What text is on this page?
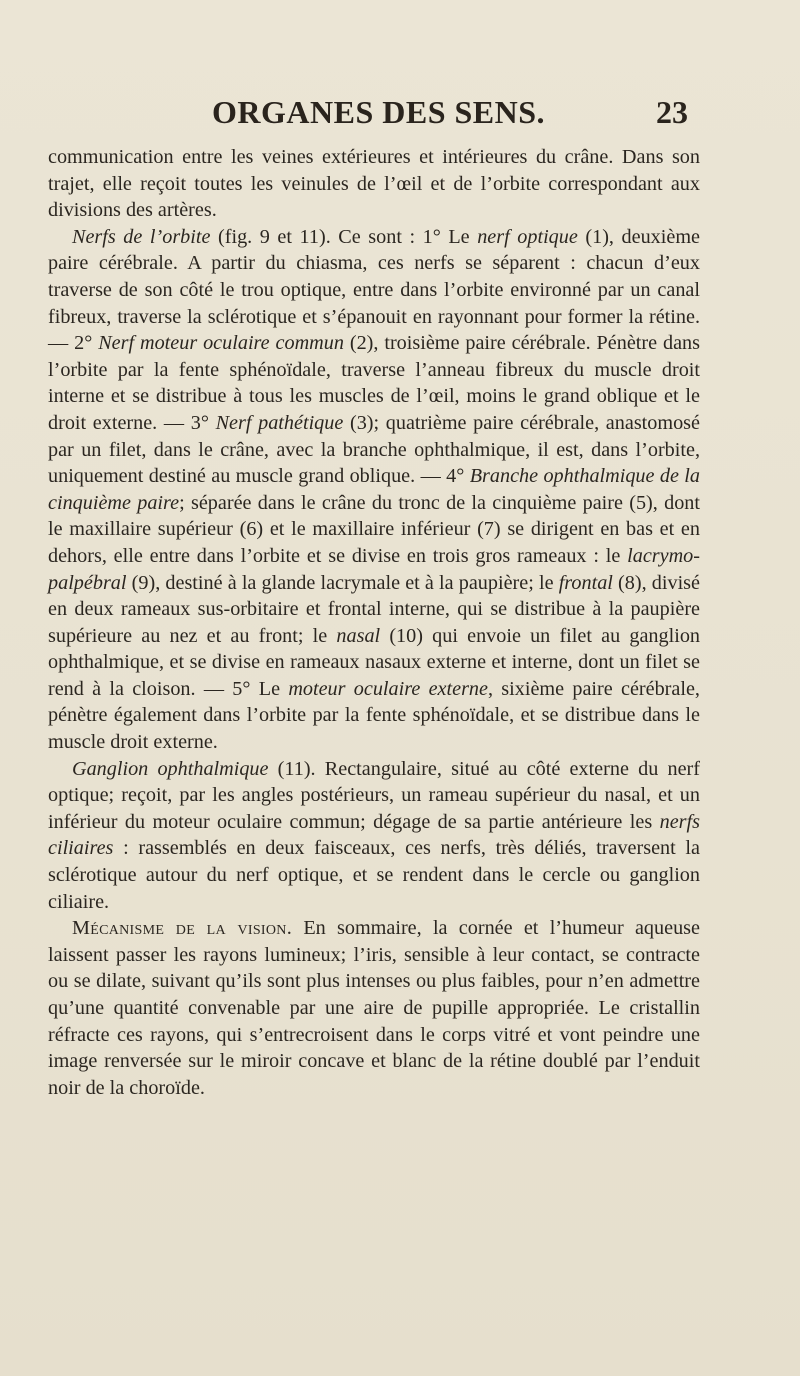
ORGANES DES SENS.	23

communication entre les veines extérieures et intérieures du crâne. Dans son trajet, elle reçoit toutes les veinules de l’œil et de l’orbite correspondant aux divisions des artères.

Nerfs de l’orbite (fig. 9 et 11). Ce sont : 1° Le nerf optique (1), deuxième paire cérébrale. A partir du chiasma, ces nerfs se séparent : chacun d’eux traverse de son côté le trou optique, entre dans l’orbite environné par un canal fibreux, traverse la sclérotique et s’épanouit en rayonnant pour former la rétine.— 2° Nerf moteur oculaire commun (2), troisième paire cérébrale. Pénètre dans l’orbite par la fente sphénoïdale, traverse l’anneau fibreux du muscle droit interne et se distribue à tous les muscles de l’œil, moins le grand oblique et le droit externe. — 3° Nerf pathétique (3); quatrième paire cérébrale, anastomosé par un filet, dans le crâne, avec la branche ophthalmique, il est, dans l’orbite, uniquement destiné au muscle grand oblique. — 4° Branche ophthalmique de la cinquième paire; séparée dans le crâne du tronc de la cinquième paire (5), dont le maxillaire supérieur (6) et le maxillaire inférieur (7) se dirigent en bas et en dehors, elle entre dans l’orbite et se divise en trois gros rameaux : le lacrymo-palpébral (9), destiné à la glande lacrymale et à la paupière; le frontal (8), divisé en deux rameaux sus-orbitaire et frontal interne, qui se distribue à la paupière supérieure au nez et au front; le nasal (10) qui envoie un filet au ganglion ophthalmique, et se divise en rameaux nasaux externe et interne, dont un filet se rend à la cloison. — 5° Le moteur oculaire externe, sixième paire cérébrale, pénètre également dans l’orbite par la fente sphénoïdale, et se distribue dans le muscle droit externe.

Ganglion ophthalmique (11). Rectangulaire, situé au côté externe du nerf optique; reçoit, par les angles postérieurs, un rameau supérieur du nasal, et un inférieur du moteur oculaire commun; dégage de sa partie antérieure les nerfs ciliaires : rassemblés en deux faisceaux, ces nerfs, très déliés, traversent la sclérotique autour du nerf optique, et se rendent dans le cercle ou ganglion ciliaire.

Mécanisme de la vision. En sommaire, la cornée et l’humeur aqueuse laissent passer les rayons lumineux; l’iris, sensible à leur contact, se contracte ou se dilate, suivant qu’ils sont plus intenses ou plus faibles, pour n’en admettre qu’une quantité convenable par une aire de pupille appropriée. Le cristallin réfracte ces rayons, qui s’entrecroisent dans le corps vitré et vont peindre une image renversée sur le miroir concave et blanc de la rétine doublé par l’enduit noir de la choroïde.
